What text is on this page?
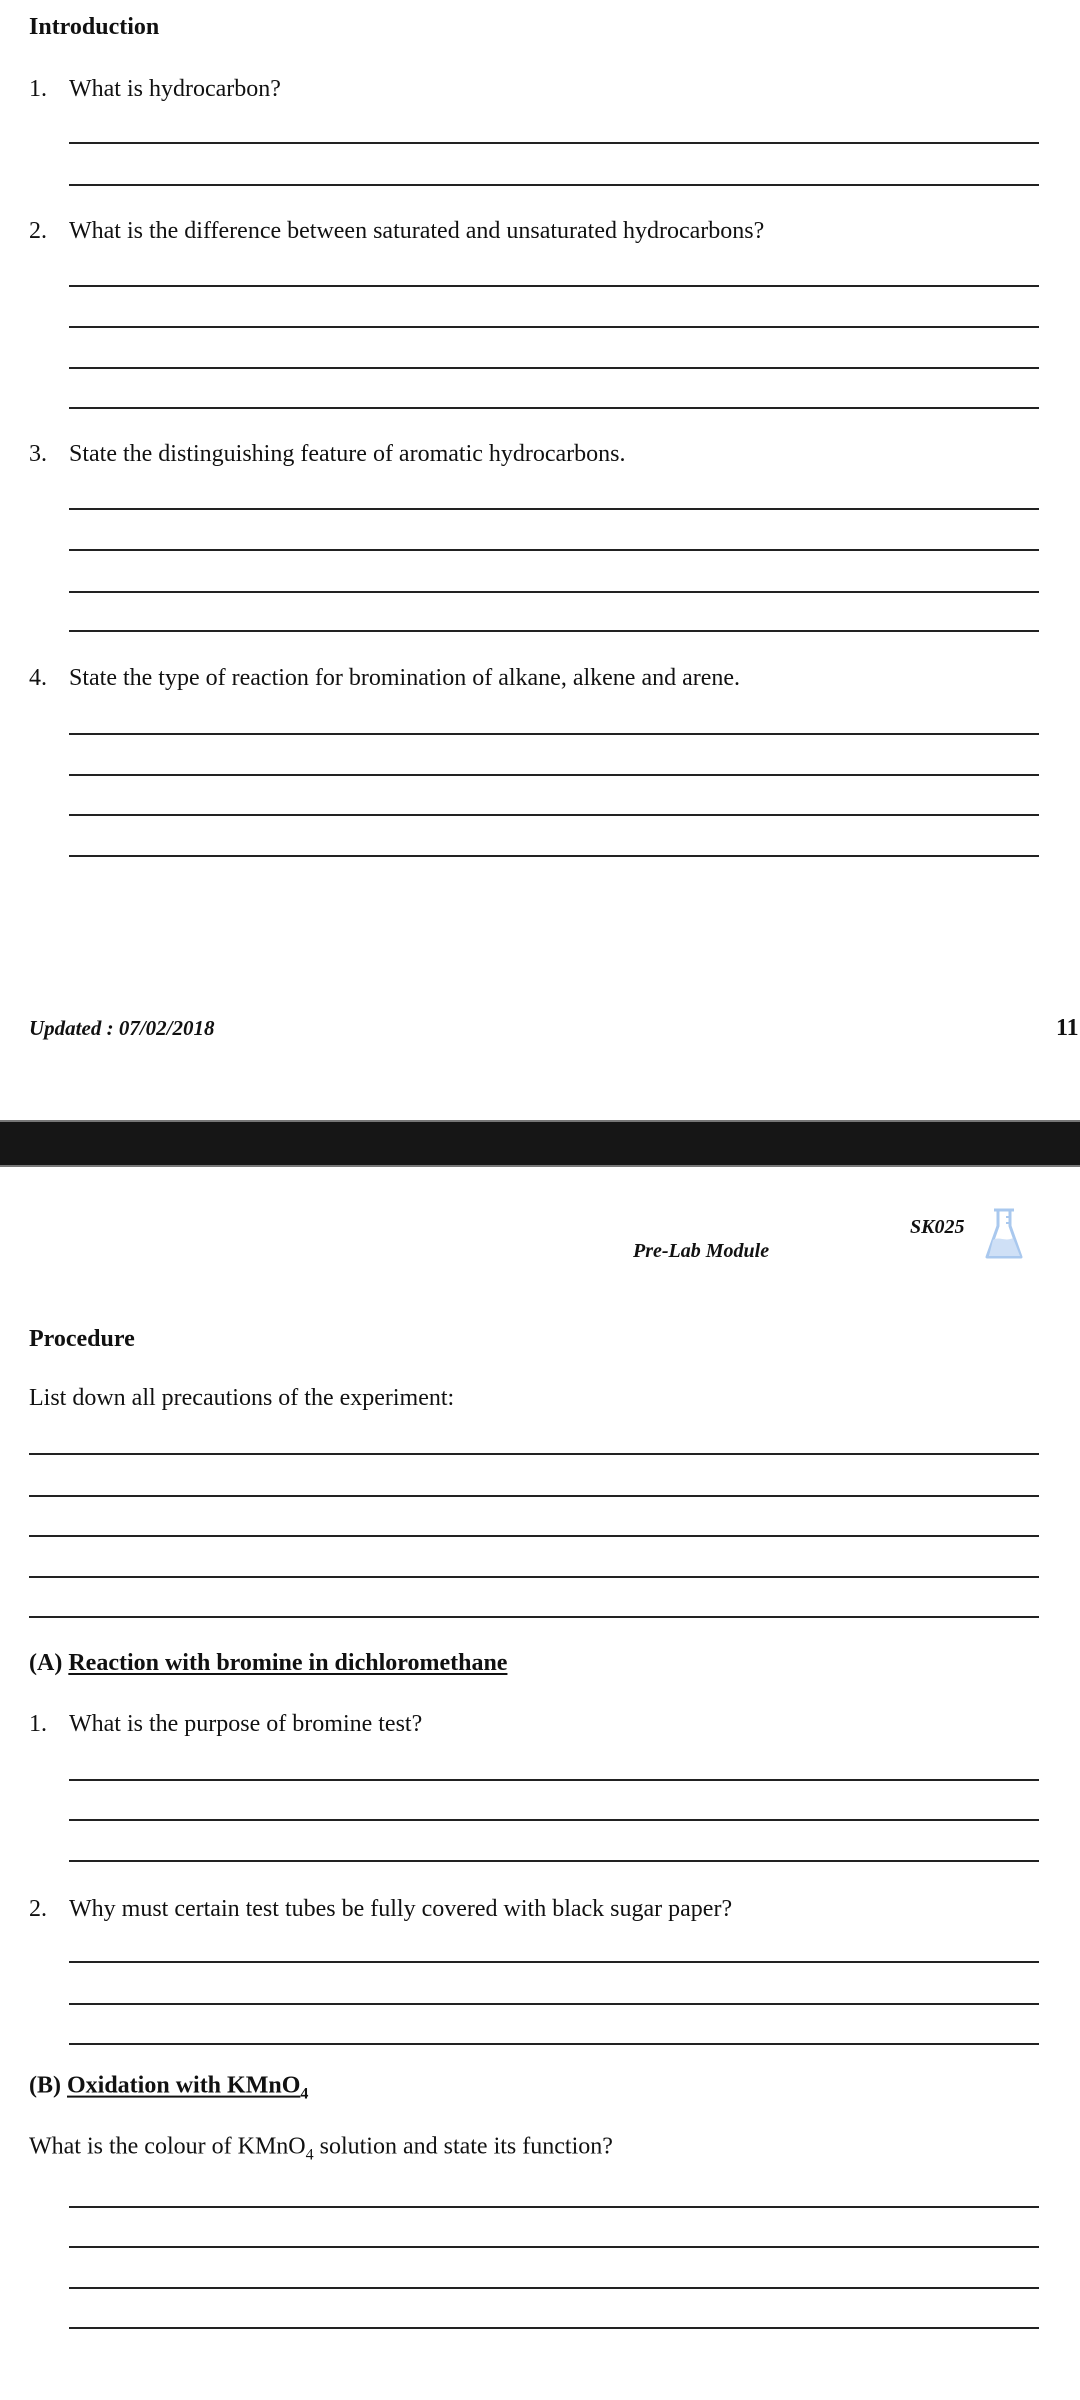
Introduction
1. What is hydrocarbon?
2. What is the difference between saturated and unsaturated hydrocarbons?
3. State the distinguishing feature of aromatic hydrocarbons.
4. State the type of reaction for bromination of alkane, alkene and arene.
Updated : 07/02/2018	11
SK025
Pre-Lab Module
Procedure
List down all precautions of the experiment:
(A) Reaction with bromine in dichloromethane
1. What is the purpose of bromine test?
2. Why must certain test tubes be fully covered with black sugar paper?
(B) Oxidation with KMnO$_4$
What is the colour of KMnO$_4$ solution and state its function?
